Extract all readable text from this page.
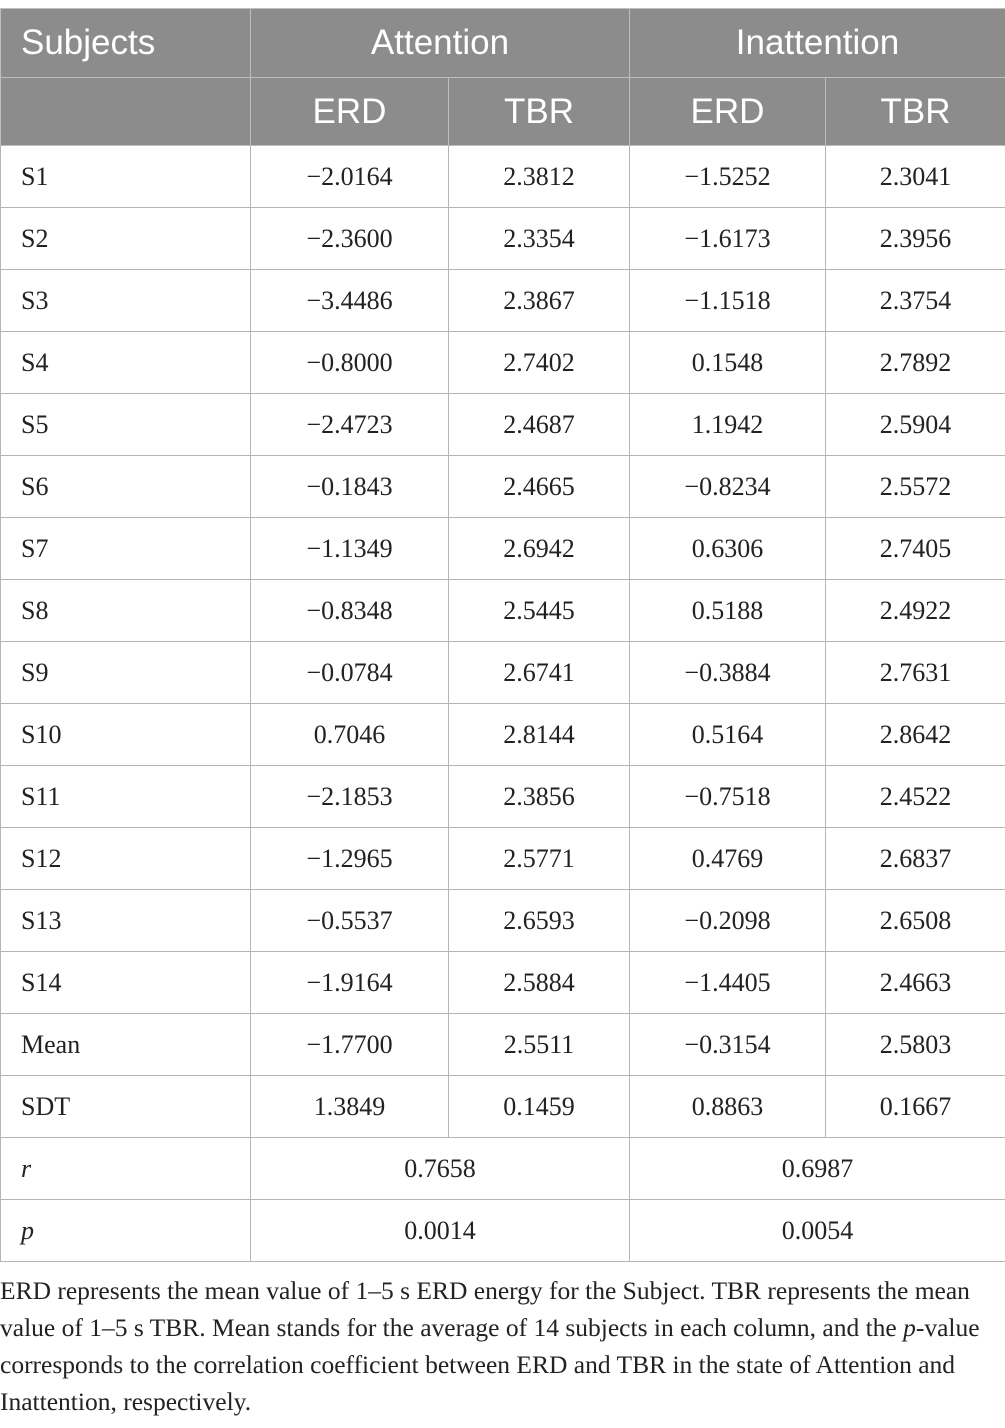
Subjects	Attention		Inattention	
	ERD	TBR	ERD	TBR
S1	−2.0164	2.3812	−1.5252	2.3041
S2	−2.3600	2.3354	−1.6173	2.3956
S3	−3.4486	2.3867	−1.1518	2.3754
S4	−0.8000	2.7402	0.1548	2.7892
S5	−2.4723	2.4687	1.1942	2.5904
S6	−0.1843	2.4665	−0.8234	2.5572
S7	−1.1349	2.6942	0.6306	2.7405
S8	−0.8348	2.5445	0.5188	2.4922
S9	−0.0784	2.6741	−0.3884	2.7631
S10	0.7046	2.8144	0.5164	2.8642
S11	−2.1853	2.3856	−0.7518	2.4522
S12	−1.2965	2.5771	0.4769	2.6837
S13	−0.5537	2.6593	−0.2098	2.6508
S14	−1.9164	2.5884	−1.4405	2.4663
Mean	−1.7700	2.5511	−0.3154	2.5803
SDT	1.3849	0.1459	0.8863	0.1667
r	0.7658		0.6987	
p	0.0014		0.0054	

ERD represents the mean value of 1–5 s ERD energy for the Subject. TBR represents the mean value of 1–5 s TBR. Mean stands for the average of 14 subjects in each column, and the p-value corresponds to the correlation coefficient between ERD and TBR in the state of Attention and Inattention, respectively.
